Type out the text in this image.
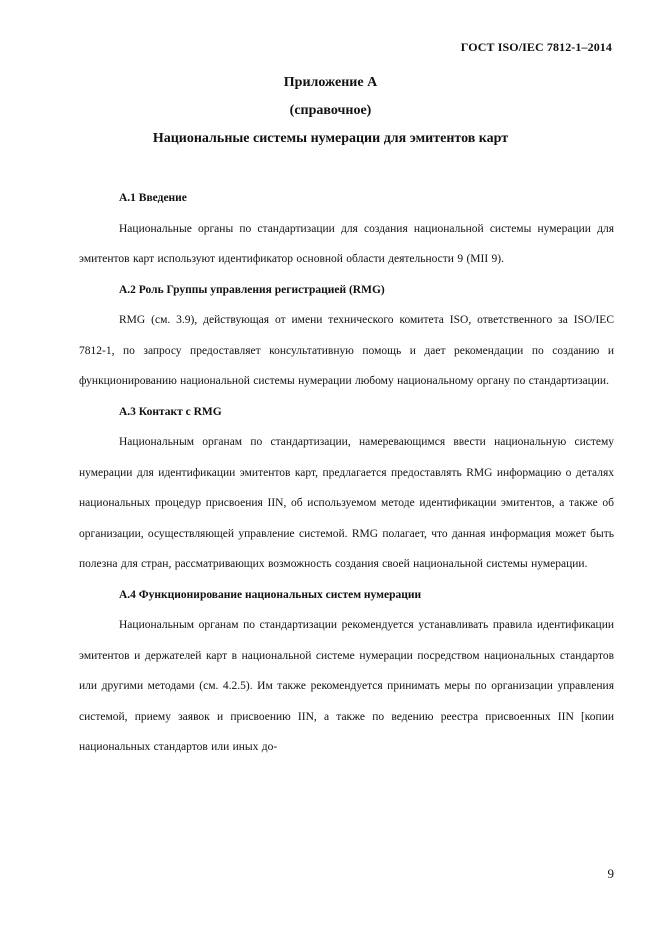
ГОСТ ISO/IEC 7812-1–2014
Приложение А
(справочное)
Национальные системы нумерации для эмитентов карт

А.1 Введение

Национальные органы по стандартизации для создания национальной системы нумерации для эмитентов карт используют идентификатор основной области деятельности 9 (MII 9).

А.2 Роль Группы управления регистрацией (RMG)

RMG (см. 3.9), действующая от имени технического комитета ISO, ответственного за ISO/IEC 7812-1, по запросу предоставляет консультативную помощь и дает рекомендации по созданию и функционированию национальной системы нумерации любому национальному органу по стандартизации.

А.3 Контакт с RMG

Национальным органам по стандартизации, намеревающимся ввести национальную систему нумерации для идентификации эмитентов карт, предлагается предоставлять RMG информацию о деталях национальных процедур присвоения IIN, об используемом методе идентификации эмитентов, а также об организации, осуществляющей управление системой. RMG полагает, что данная информация может быть полезна для стран, рассматривающих возможность создания своей национальной системы нумерации.

А.4 Функционирование национальных систем нумерации

Национальным органам по стандартизации рекомендуется устанавливать правила идентификации эмитентов и держателей карт в национальной системе нумерации посредством национальных стандартов или другими методами (см. 4.2.5). Им также рекомендуется принимать меры по организации управления системой, приему заявок и присвоению IIN, а также по ведению реестра присвоенных IIN [копии национальных стандартов или иных до-

9
